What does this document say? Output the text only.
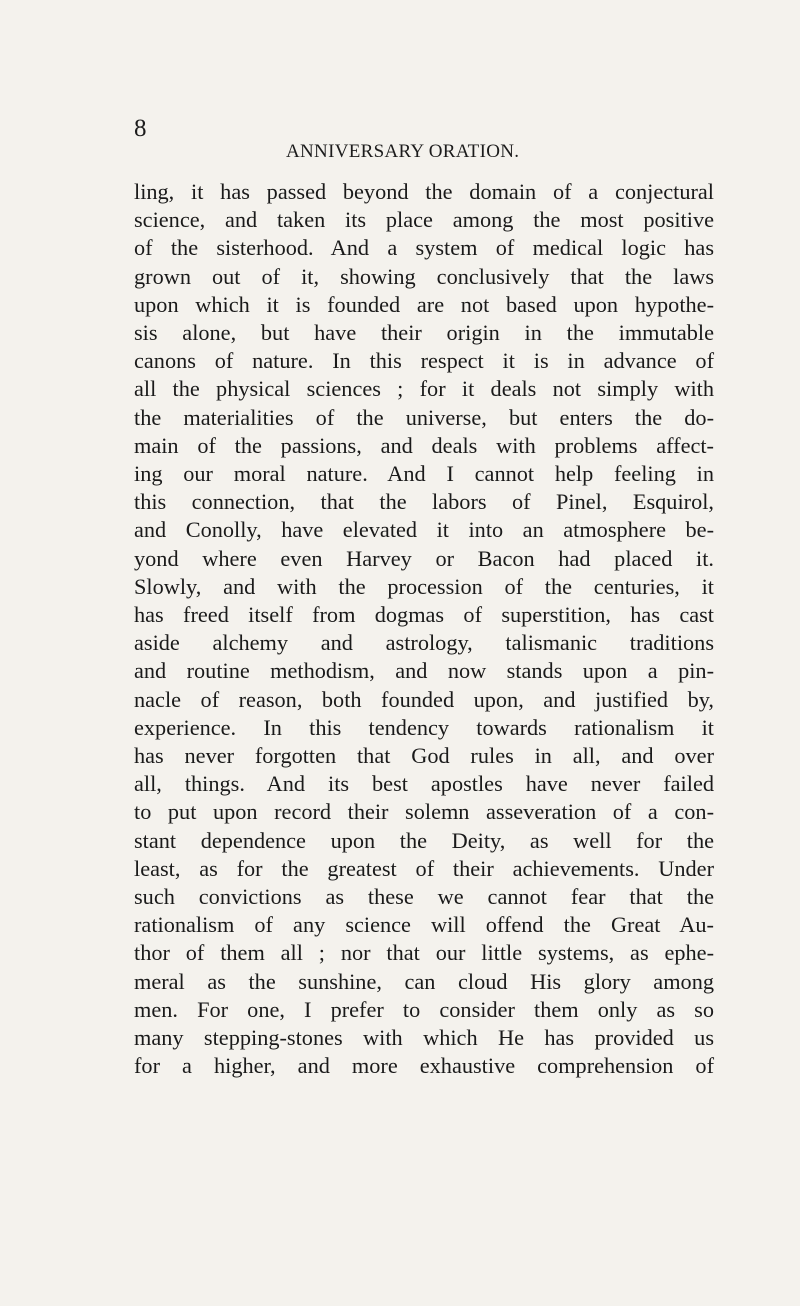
8
ANNIVERSARY ORATION.
ling, it has passed beyond the domain of a conjectural
science, and taken its place among the most positive
of the sisterhood. And a system of medical logic has
grown out of it, showing conclusively that the laws
upon which it is founded are not based upon hypothe-
sis alone, but have their origin in the immutable
canons of nature. In this respect it is in advance of
all the physical sciences ; for it deals not simply with
the materialities of the universe, but enters the do-
main of the passions, and deals with problems affect-
ing our moral nature. And I cannot help feeling in
this connection, that the labors of Pinel, Esquirol,
and Conolly, have elevated it into an atmosphere be-
yond where even Harvey or Bacon had placed it.
Slowly, and with the procession of the centuries, it
has freed itself from dogmas of superstition, has cast
aside alchemy and astrology, talismanic traditions
and routine methodism, and now stands upon a pin-
nacle of reason, both founded upon, and justified by,
experience. In this tendency towards rationalism it
has never forgotten that God rules in all, and over
all, things. And its best apostles have never failed
to put upon record their solemn asseveration of a con-
stant dependence upon the Deity, as well for the
least, as for the greatest of their achievements. Under
such convictions as these we cannot fear that the
rationalism of any science will offend the Great Au-
thor of them all ; nor that our little systems, as ephe-
meral as the sunshine, can cloud His glory among
men. For one, I prefer to consider them only as so
many stepping-stones with which He has provided us
for a higher, and more exhaustive comprehension of
